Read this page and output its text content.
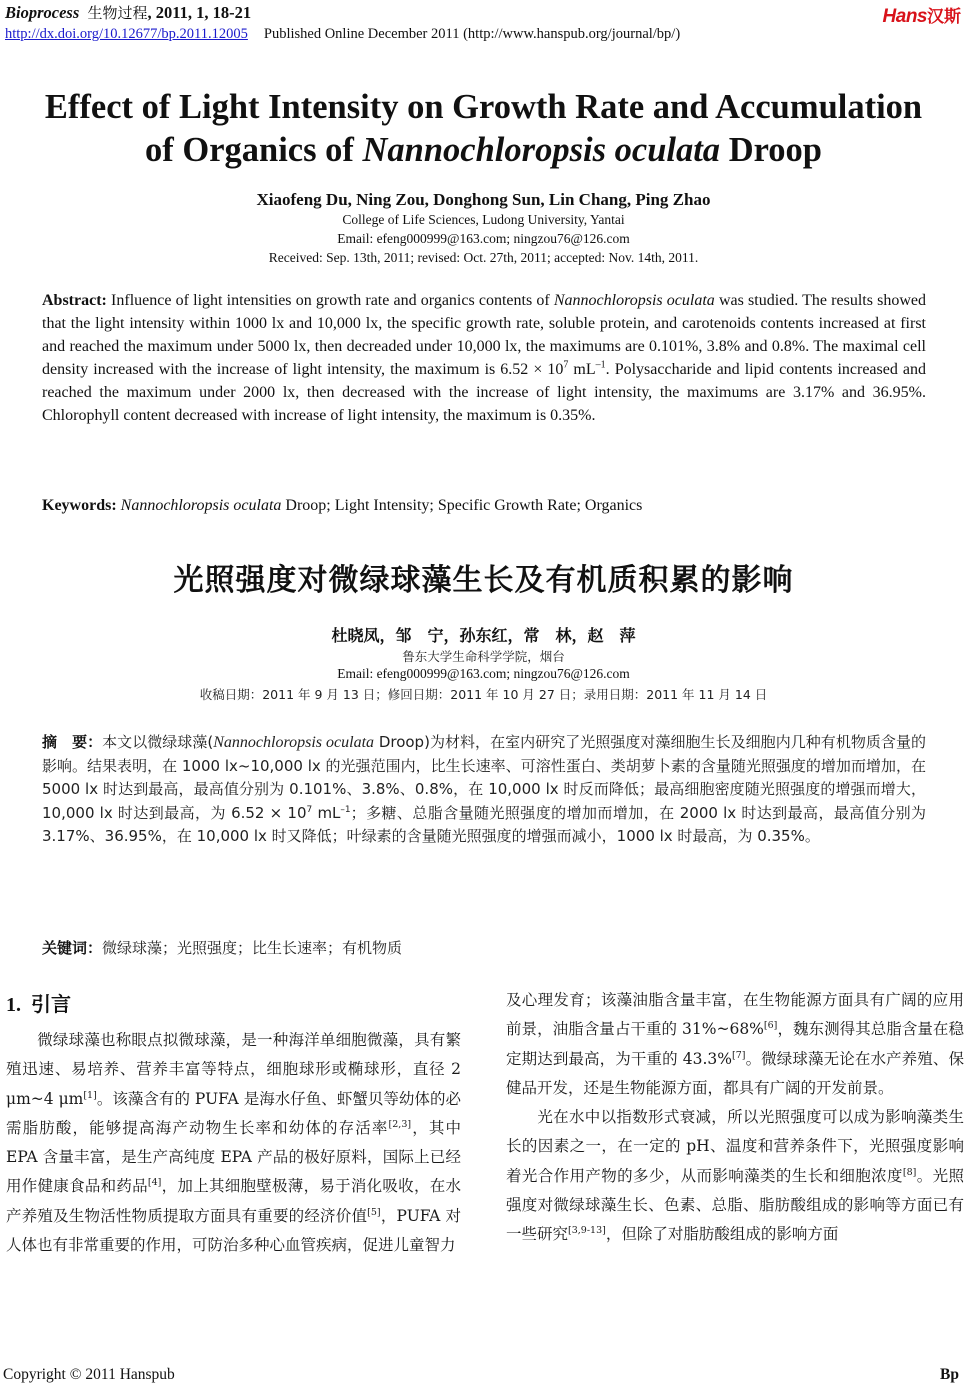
Bioprocess 生物过程, 2011, 1, 18-21
http://dx.doi.org/10.12677/bp.2011.12005 Published Online December 2011 (http://www.hanspub.org/journal/bp/)
Hans汉斯
Effect of Light Intensity on Growth Rate and Accumulation
of Organics of Nannochloropsis oculata Droop
Xiaofeng Du, Ning Zou, Donghong Sun, Lin Chang, Ping Zhao
College of Life Sciences, Ludong University, Yantai
Email: efeng000999@163.com; ningzou76@126.com
Received: Sep. 13th, 2011; revised: Oct. 27th, 2011; accepted: Nov. 14th, 2011.
Abstract: Influence of light intensities on growth rate and organics contents of Nannochloropsis oculata was studied. The results showed that the light intensity within 1000 lx and 10,000 lx, the specific growth rate, soluble protein, and carotenoids contents increased at first and reached the maximum under 5000 lx, then decreaded under 10,000 lx, the maximums are 0.101%, 3.8% and 0.8%. The maximal cell density increased with the increase of light intensity, the maximum is $6.52 \times 10^7$ $mL^{-1}$. Polysaccharide and lipid contents increased and reached the maximum under 2000 lx, then decreased with the increase of light intensity, the maximums are 3.17% and 36.95%. Chlorophyll content decreased with increase of light intensity, the maximum is 0.35%.
Keywords: Nannochloropsis oculata Droop; Light Intensity; Specific Growth Rate; Organics
光照强度对微绿球藻生长及有机质积累的影响
杜晓凤，邹　宁，孙东红，常　林，赵　萍
鲁东大学生命科学学院，烟台
Email: efeng000999@163.com; ningzou76@126.com
收稿日期：2011 年 9 月 13 日；修回日期：2011 年 10 月 27 日；录用日期：2011 年 11 月 14 日
摘　要：本文以微绿球藻(Nannochloropsis oculata Droop)为材料，在室内研究了光照强度对藻细胞生长及细胞内几种有机物质含量的影响。结果表明，在 1000 lx~10,000 lx 的光强范围内，比生长速率、可溶性蛋白、类胡萝卜素的含量随光照强度的增加而增加，在 5000 lx 时达到最高，最高值分别为 0.101%、3.8%、0.8%，在 10,000 lx 时反而降低；最高细胞密度随光照强度的增强而增大，10,000 lx 时达到最高，为 $6.52 \times 10^7$ $mL^{-1}$；多糖、总脂含量随光照强度的增加而增加，在 2000 lx 时达到最高，最高值分别为 3.17%、36.95%，在 10,000 lx 时又降低；叶绿素的含量随光照强度的增强而减小，1000 lx 时最高，为 0.35%。
关键词：微绿球藻；光照强度；比生长速率；有机物质
1. 引言
微绿球藻也称眼点拟微球藻，是一种海洋单细胞微藻，具有繁殖迅速、易培养、营养丰富等特点，细胞球形或椭球形，直径 2 μm~4 μm[1]。该藻含有的 PUFA 是海水仔鱼、虾蟹贝等幼体的必需脂肪酸，能够提高海产动物生长率和幼体的存活率[2,3]，其中 EPA 含量丰富，是生产高纯度 EPA 产品的极好原料，国际上已经用作健康食品和药品[4]，加上其细胞壁极薄，易于消化吸收，在水产养殖及生物活性物质提取方面具有重要的经济价值[5]，PUFA 对人体也有非常重要的作用，可防治多种心血管疾病，促进儿童智力
及心理发育；该藻油脂含量丰富，在生物能源方面具有广阔的应用前景，油脂含量占干重的 31%~68%[6]，魏东测得其总脂含量在稳定期达到最高，为干重的 43.3%[7]。微绿球藻无论在水产养殖、保健品开发，还是生物能源方面，都具有广阔的开发前景。
光在水中以指数形式衰减，所以光照强度可以成为影响藻类生长的因素之一，在一定的 pH、温度和营养条件下，光照强度影响着光合作用产物的多少，从而影响藻类的生长和细胞浓度[8]。光照强度对微绿球藻生长、色素、总脂、脂肪酸组成的影响等方面已有一些研究[3,9-13]，但除了对脂肪酸组成的影响方面
Copyright © 2011 Hanspub	Bp
